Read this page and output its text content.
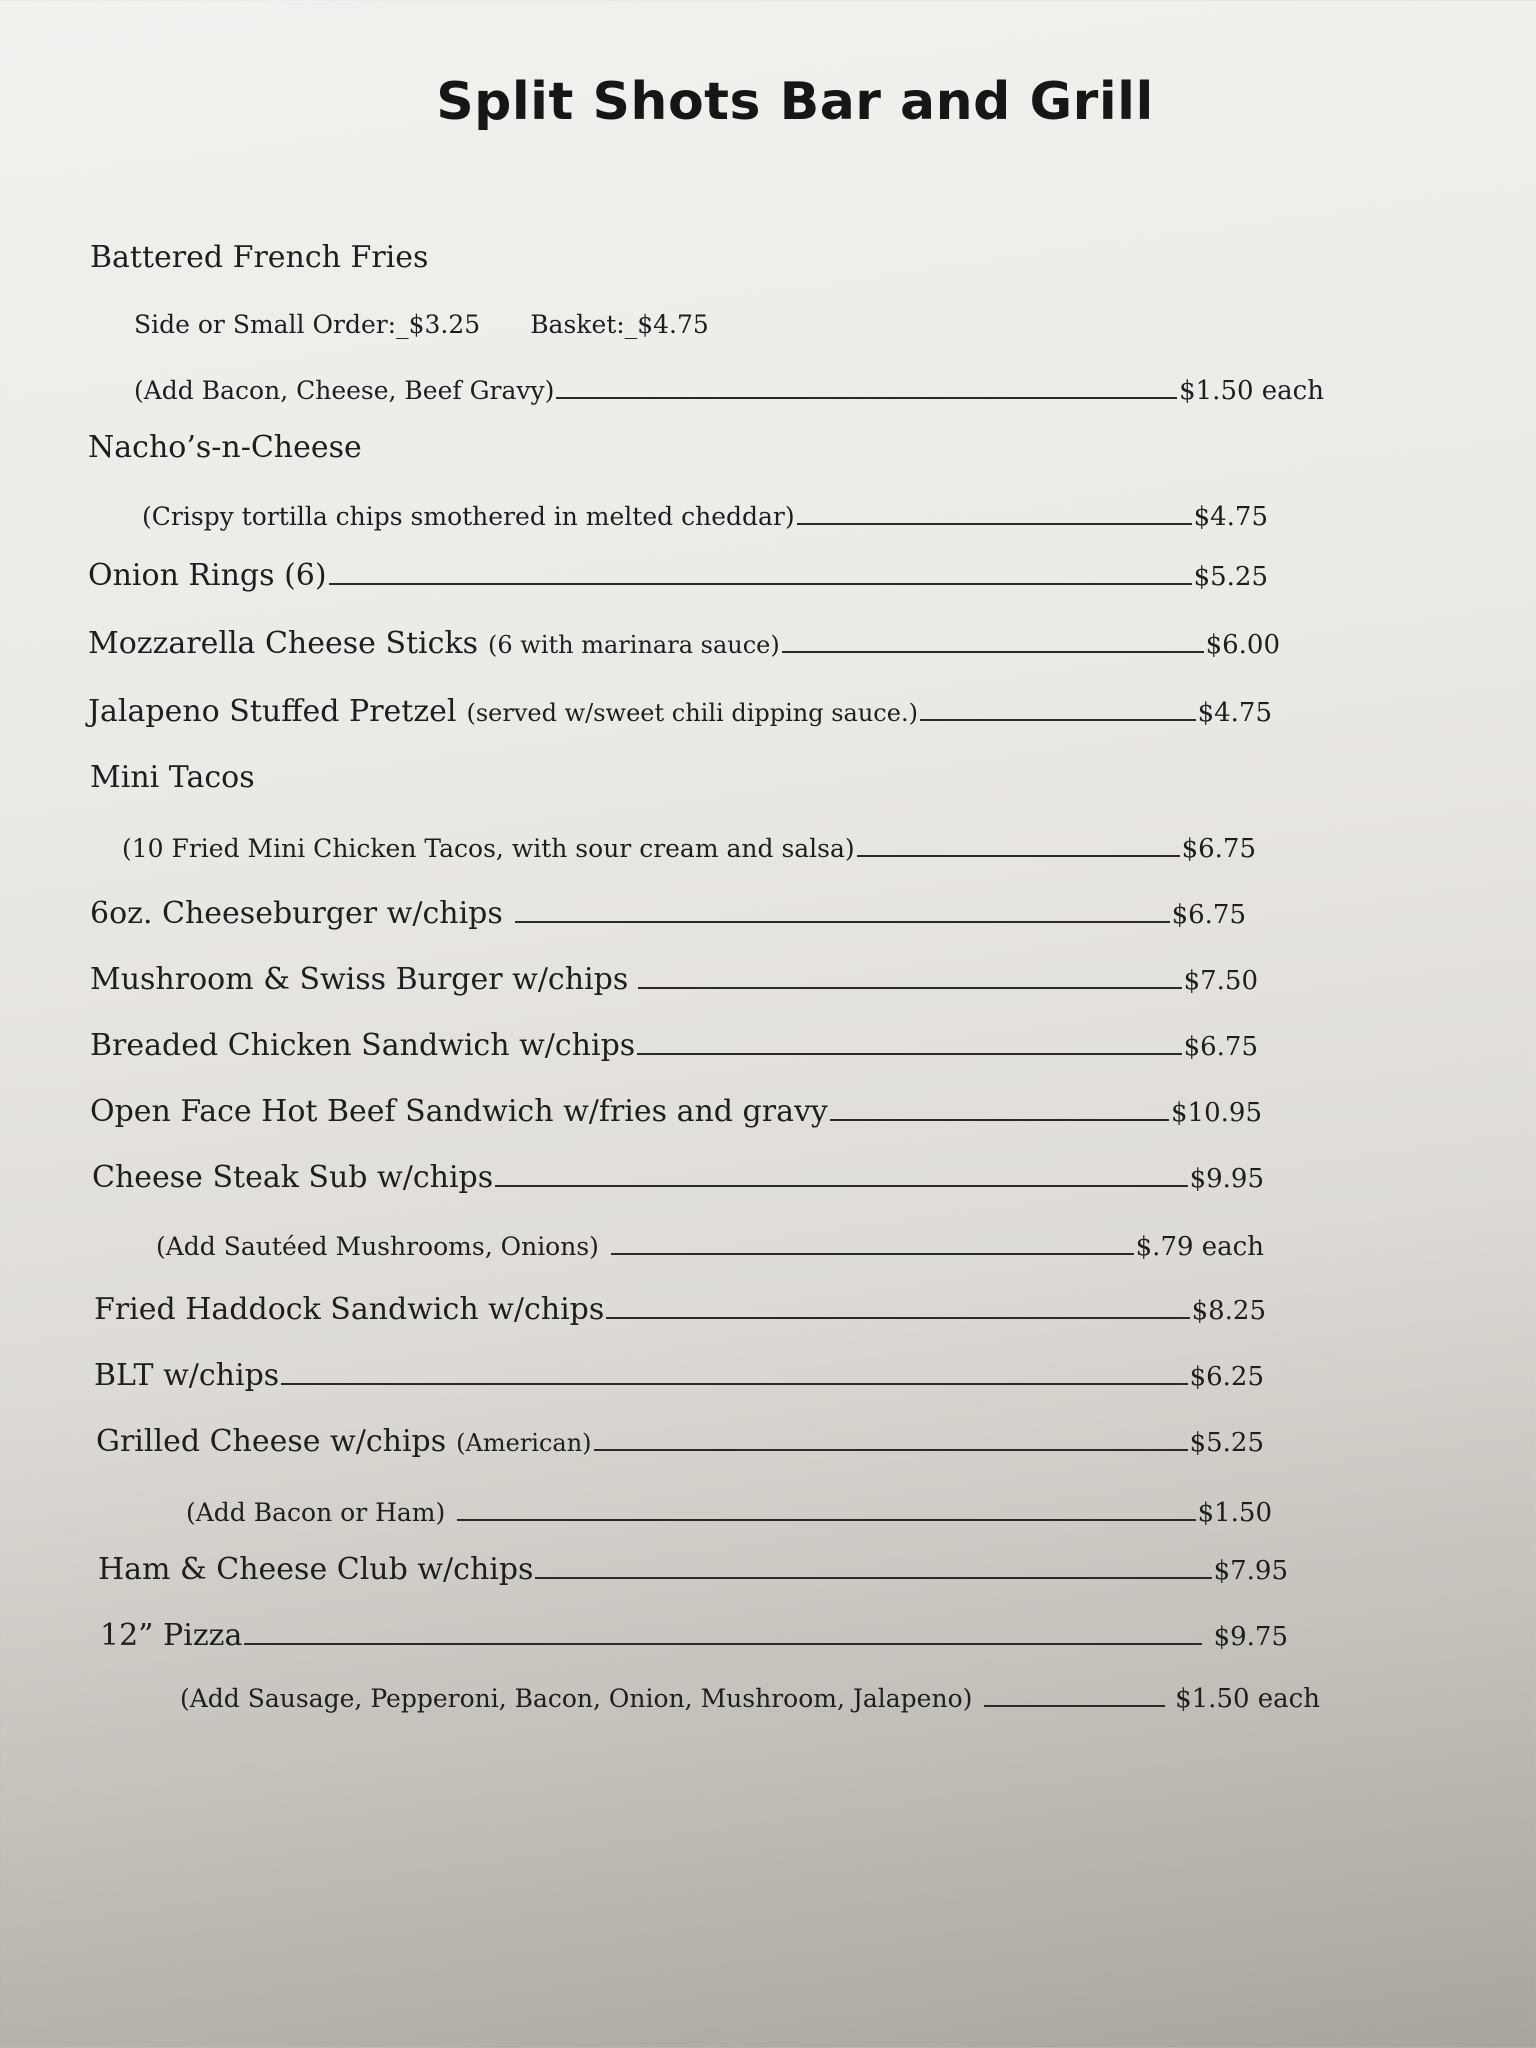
Split Shots Bar and Grill
Battered French Fries
Side or Small Order:_$3.25 Basket:_$4.75
(Add Bacon, Cheese, Beef Gravy)	$1.50 each
Nacho’s-n-Cheese
(Crispy tortilla chips smothered in melted cheddar)	$4.75
Onion Rings (6)	$5.25
Mozzarella Cheese Sticks (6 with marinara sauce)	$6.00
Jalapeno Stuffed Pretzel (served w/sweet chili dipping sauce.)	$4.75
Mini Tacos
(10 Fried Mini Chicken Tacos, with sour cream and salsa)	$6.75
6oz. Cheeseburger w/chips	$6.75
Mushroom & Swiss Burger w/chips	$7.50
Breaded Chicken Sandwich w/chips	$6.75
Open Face Hot Beef Sandwich w/fries and gravy	$10.95
Cheese Steak Sub w/chips	$9.95
(Add Sautéed Mushrooms, Onions)	$.79 each
Fried Haddock Sandwich w/chips	$8.25
BLT w/chips	$6.25
Grilled Cheese w/chips (American)	$5.25
(Add Bacon or Ham)	$1.50
Ham & Cheese Club w/chips	$7.95
12” Pizza	$9.75
(Add Sausage, Pepperoni, Bacon, Onion, Mushroom, Jalapeno)	$1.50 each
